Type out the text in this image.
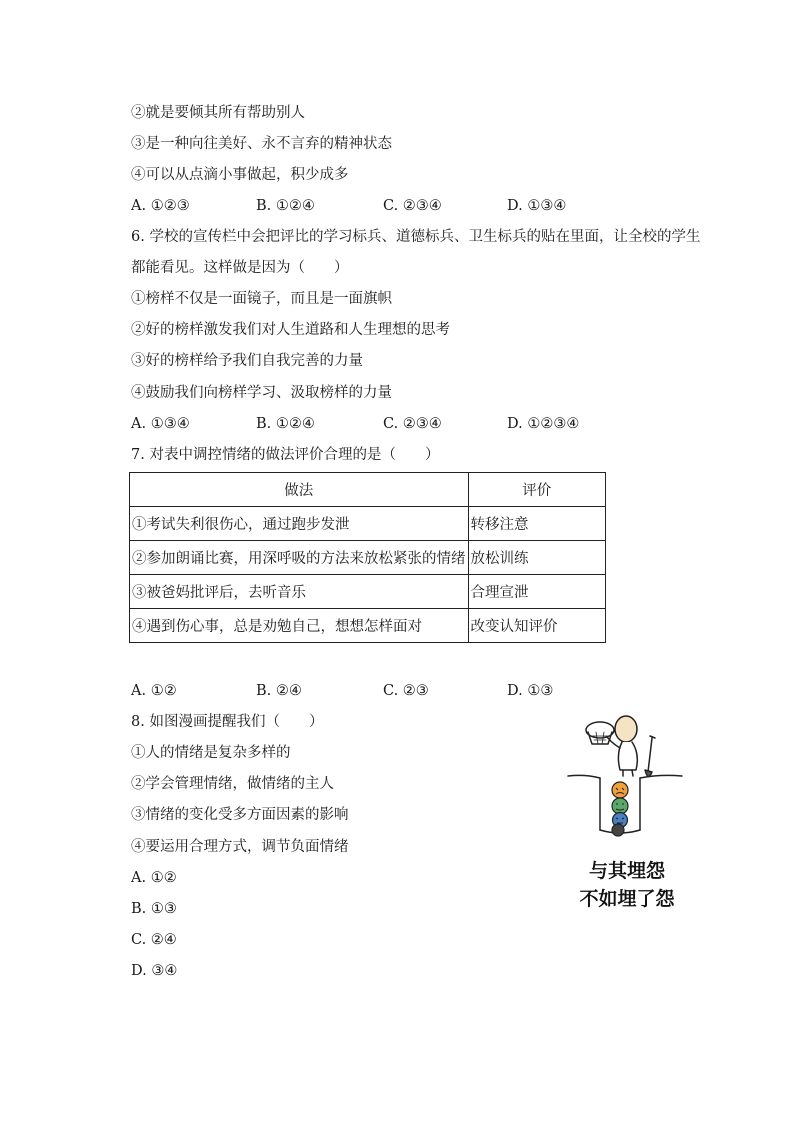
②就是要倾其所有帮助别人
③是一种向往美好、永不言弃的精神状态
④可以从点滴小事做起，积少成多
A. ①②③	B. ①②④	C. ②③④	D. ①③④
6. 学校的宣传栏中会把评比的学习标兵、道德标兵、卫生标兵的贴在里面，让全校的学生
都能看见。这样做是因为（　　）
①榜样不仅是一面镜子，而且是一面旗帜
②好的榜样激发我们对人生道路和人生理想的思考
③好的榜样给予我们自我完善的力量
④鼓励我们向榜样学习、汲取榜样的力量
A. ①③④	B. ①②④	C. ②③④	D. ①②③④
7. 对表中调控情绪的做法评价合理的是（　　）
做法	评价
①考试失利很伤心，通过跑步发泄	转移注意
②参加朗诵比赛，用深呼吸的方法来放松紧张的情绪	放松训练
③被爸妈批评后，去听音乐	合理宣泄
④遇到伤心事，总是劝勉自己，想想怎样面对	改变认知评价
A. ①②	B. ②④	C. ②③	D. ①③
8. 如图漫画提醒我们（　　）
①人的情绪是复杂多样的
②学会管理情绪，做情绪的主人
③情绪的变化受多方面因素的影响
④要运用合理方式，调节负面情绪
A. ①②
B. ①③
C. ②④
D. ③④
与其埋怨
不如埋了怨
